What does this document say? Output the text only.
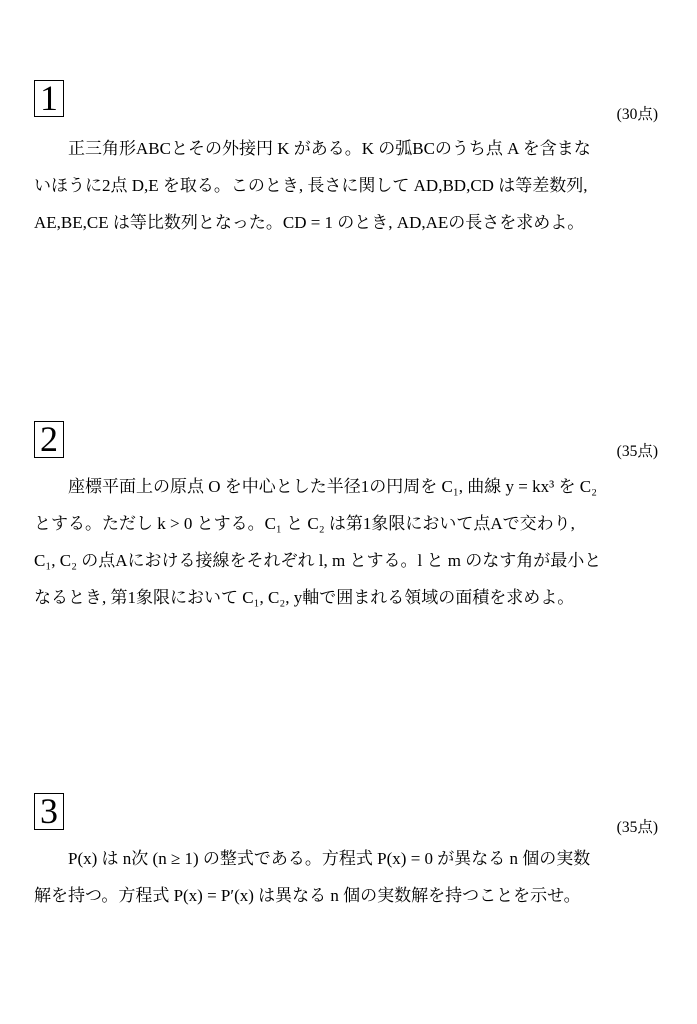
1	(30点)
正三角形ABCとその外接円 K がある。K の弧BCのうち点 A を含まな
いほうに2点 D,E を取る。このとき, 長さに関して AD,BD,CD は等差数列,
AE,BE,CE は等比数列となった。CD = 1 のとき, AD,AEの長さを求めよ。
2	(35点)
座標平面上の原点 O を中心とした半径1の円周を C₁, 曲線 y = kx³ を C₂
とする。ただし k > 0 とする。C₁ と C₂ は第1象限において点Aで交わり,
C₁, C₂ の点Aにおける接線をそれぞれ l, m とする。l と m のなす角が最小と
なるとき, 第1象限において C₁, C₂, y軸で囲まれる領域の面積を求めよ。
3	(35点)
P(x) は n次 (n ≥ 1) の整式である。方程式 P(x) = 0 が異なる n 個の実数
解を持つ。方程式 P(x) = P′(x) は異なる n 個の実数解を持つことを示せ。
